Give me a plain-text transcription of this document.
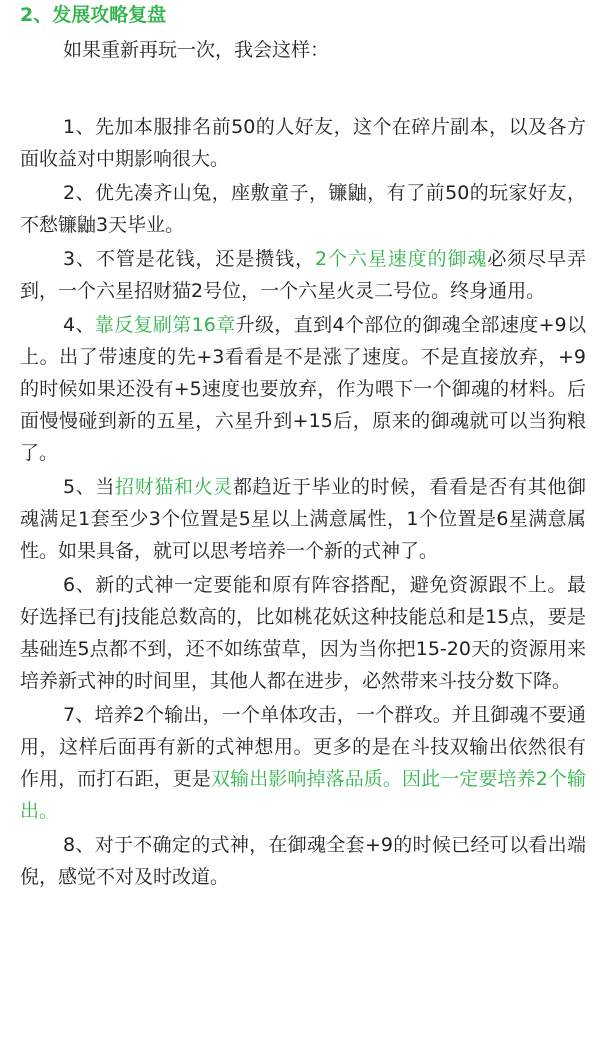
2、发展攻略复盘
如果重新再玩一次，我会这样：

1、先加本服排名前50的人好友，这个在碎片副本，以及各方面收益对中期影响很大。

2、优先凑齐山兔，座敷童子，镰鼬，有了前50的玩家好友，不愁镰鼬3天毕业。

3、不管是花钱，还是攒钱，2个六星速度的御魂必须尽早弄到，一个六星招财猫2号位，一个六星火灵二号位。终身通用。

4、靠反复刷第16章升级，直到4个部位的御魂全部速度+9以上。出了带速度的先+3看看是不是涨了速度。不是直接放弃，+9的时候如果还没有+5速度也要放弃，作为喂下一个御魂的材料。后面慢慢碰到新的五星，六星升到+15后，原来的御魂就可以当狗粮了。

5、当招财猫和火灵都趋近于毕业的时候，看看是否有其他御魂满足1套至少3个位置是5星以上满意属性，1个位置是6星满意属性。如果具备，就可以思考培养一个新的式神了。

6、新的式神一定要能和原有阵容搭配，避免资源跟不上。最好选择已有j技能总数高的，比如桃花妖这种技能总和是15点，要是基础连5点都不到，还不如练萤草，因为当你把15-20天的资源用来培养新式神的时间里，其他人都在进步，必然带来斗技分数下降。

7、培养2个输出，一个单体攻击，一个群攻。并且御魂不要通用，这样后面再有新的式神想用。更多的是在斗技双输出依然很有作用，而打石距，更是双输出影响掉落品质。因此一定要培养2个输出。

8、对于不确定的式神，在御魂全套+9的时候已经可以看出端倪，感觉不对及时改道。
